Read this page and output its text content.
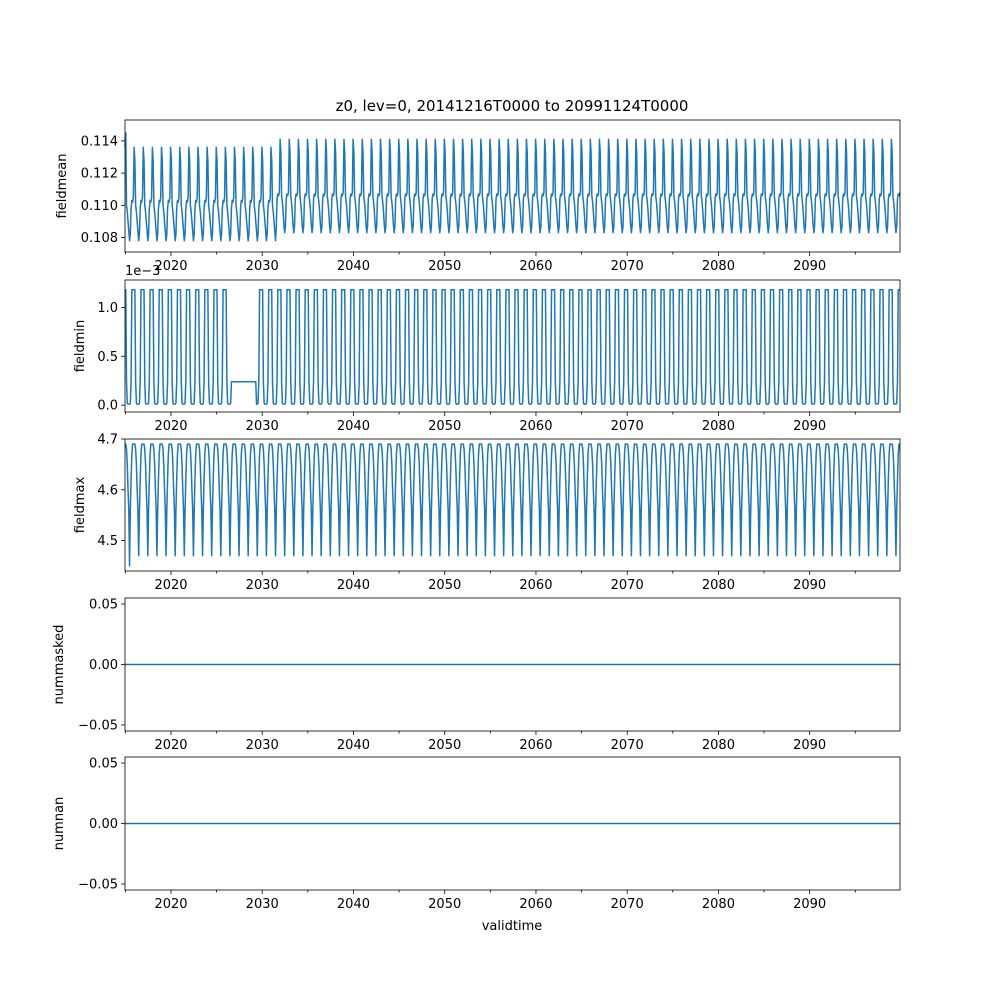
z0, lev=0, 20141216T0000 to 20991124T0000
0.108
0.110
0.112
0.114
2020	2030	2040	2050	2060	2070	2080	2090
fieldmean
0.0
0.5
1.0
2020	2030	2040	2050	2060	2070	2080	2090
fieldmin
1e−3
4.5
4.6
4.7
2020	2030	2040	2050	2060	2070	2080	2090
fieldmax
−0.05
0.00
0.05
2020	2030	2040	2050	2060	2070	2080	2090
nummasked
−0.05
0.00
0.05
2020	2030	2040	2050	2060	2070	2080	2090
numnan
validtime
